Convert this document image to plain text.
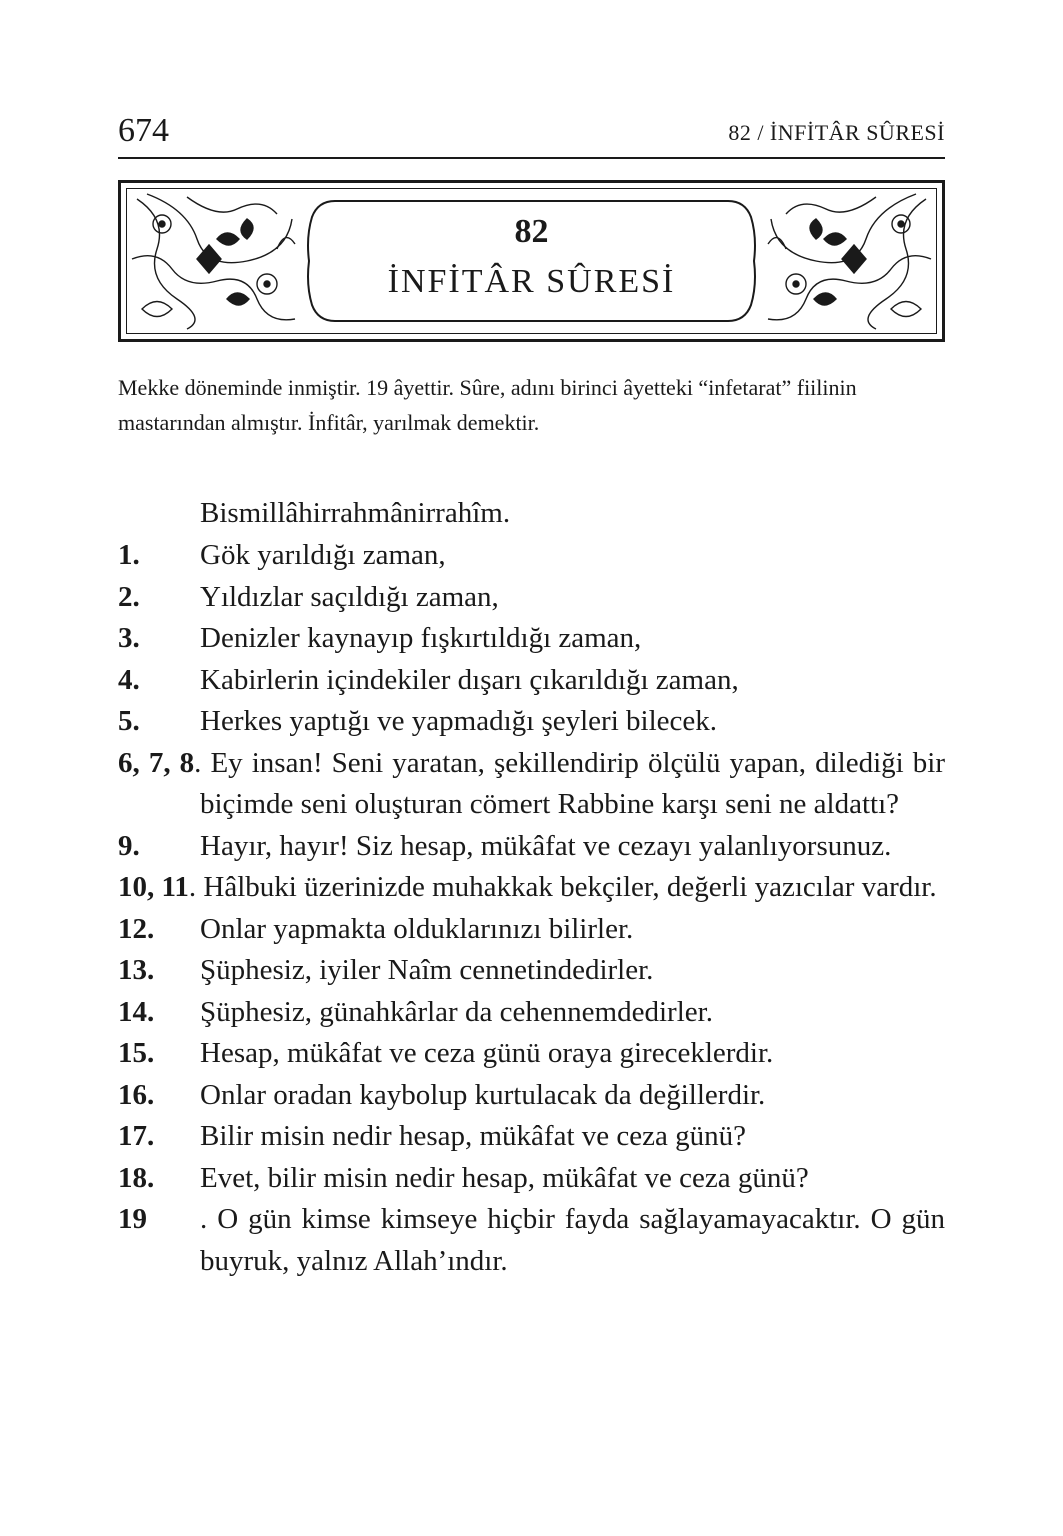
674	82 / İNFİTÂR SÛRESİ
82
İNFİTÂR SÛRESİ

Mekke döneminde inmiştir. 19 âyettir. Sûre, adını birinci âyetteki “infetarat” fiilinin mastarından almıştır. İnfitâr, yarılmak demektir.

Bismillâhirrahmânirrahîm.
1.	Gök yarıldığı zaman,
2.	Yıldızlar saçıldığı zaman,
3.	Denizler kaynayıp fışkırtıldığı zaman,
4.	Kabirlerin içindekiler dışarı çıkarıldığı zaman,
5.	Herkes yaptığı ve yapmadığı şeyleri bilecek.
6, 7, 8. Ey insan! Seni yaratan, şekillendirip ölçülü yapan, dilediği bir biçimde seni oluşturan cömert Rabbine karşı seni ne aldattı?
9.	Hayır, hayır! Siz hesap, mükâfat ve cezayı yalanlıyorsunuz.
10, 11. Hâlbuki üzerinizde muhakkak bekçiler, değerli yazıcılar vardır.
12.	Onlar yapmakta olduklarınızı bilirler.
13.	Şüphesiz, iyiler Naîm cennetindedirler.
14.	Şüphesiz, günahkârlar da cehennemdedirler.
15.	Hesap, mükâfat ve ceza günü oraya gireceklerdir.
16.	Onlar oradan kaybolup kurtulacak da değillerdir.
17.	Bilir misin nedir hesap, mükâfat ve ceza günü?
18.	Evet, bilir misin nedir hesap, mükâfat ve ceza günü?
19	. O gün kimse kimseye hiçbir fayda sağlayamayacaktır. O gün buyruk, yalnız Allah’ındır.
